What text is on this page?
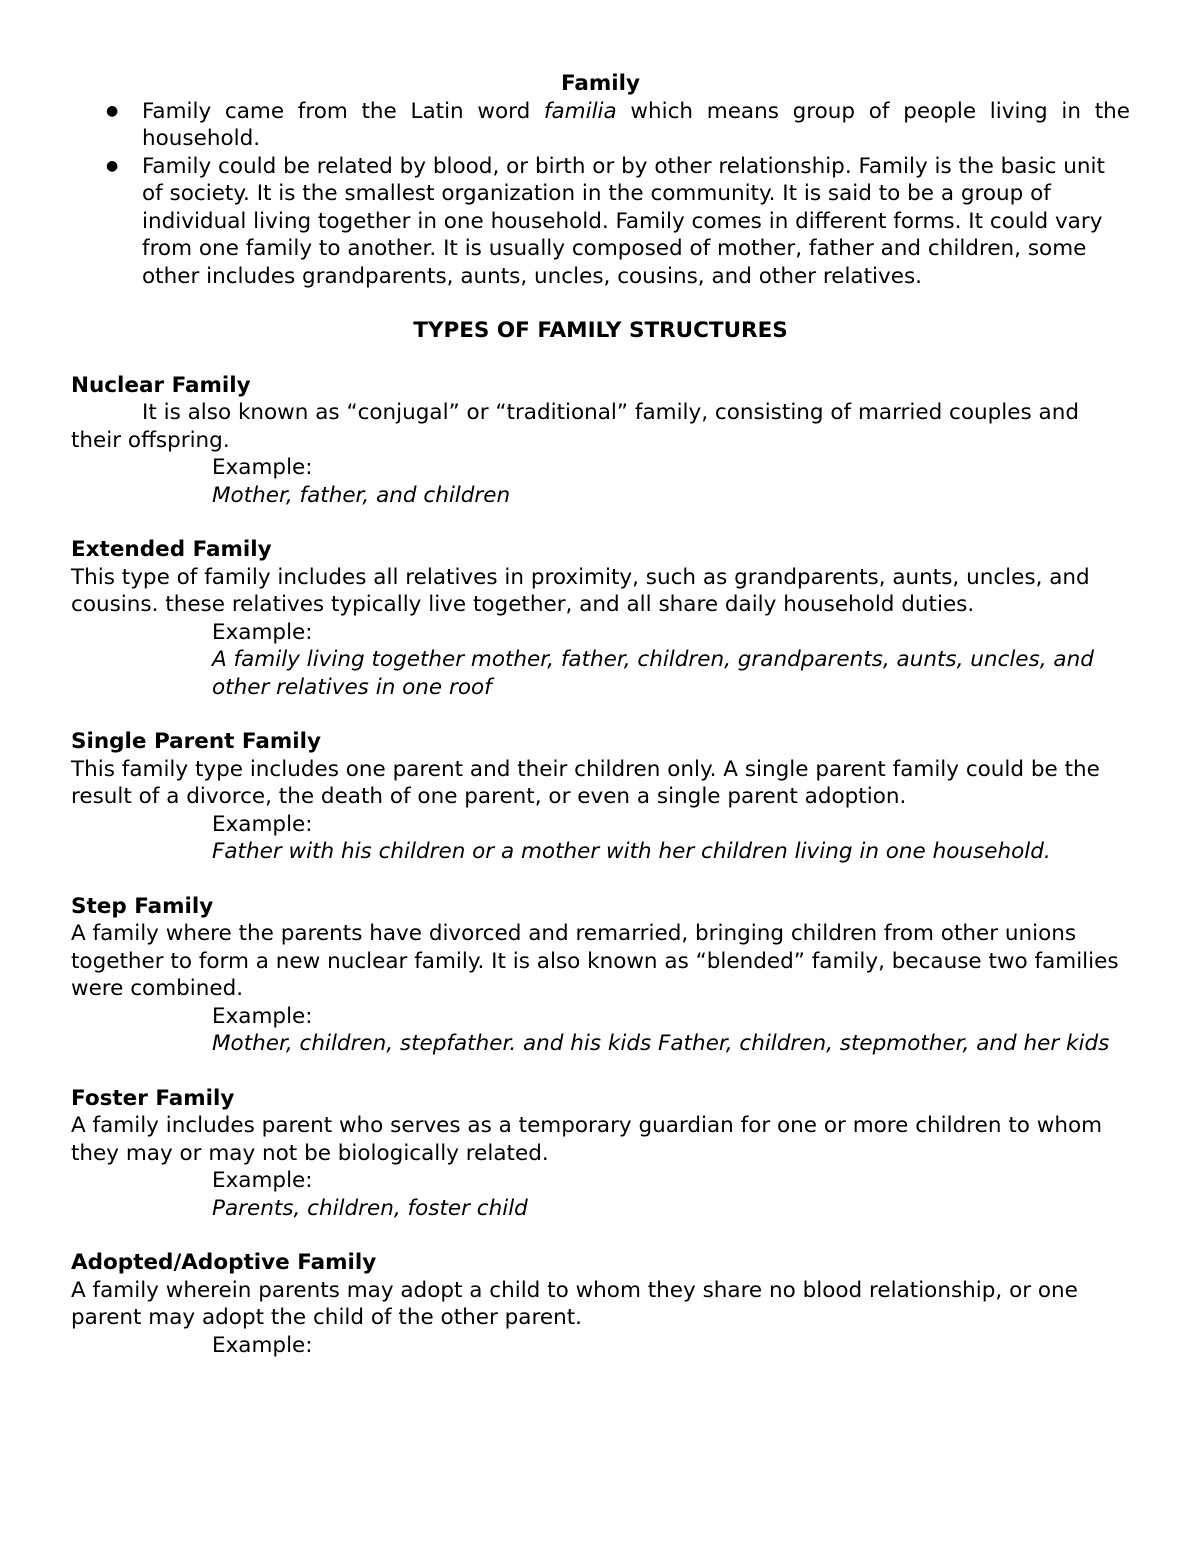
Family

● Family came from the Latin word familia which means group of people living in the household.
● Family could be related by blood, or birth or by other relationship. Family is the basic unit of society. It is the smallest organization in the community. It is said to be a group of individual living together in one household. Family comes in different forms. It could vary from one family to another. It is usually composed of mother, father and children, some other includes grandparents, aunts, uncles, cousins, and other relatives.

TYPES OF FAMILY STRUCTURES

Nuclear Family

It is also known as “conjugal” or “traditional” family, consisting of married couples and their offspring.

Example:

Mother, father, and children

Extended Family

This type of family includes all relatives in proximity, such as grandparents, aunts, uncles, and cousins. these relatives typically live together, and all share daily household duties.

Example:

A family living together mother, father, children, grandparents, aunts, uncles, and other relatives in one roof

Single Parent Family

This family type includes one parent and their children only. A single parent family could be the result of a divorce, the death of one parent, or even a single parent adoption.

Example:

Father with his children or a mother with her children living in one household.

Step Family

A family where the parents have divorced and remarried, bringing children from other unions together to form a new nuclear family. It is also known as “blended” family, because two families were combined.

Example:

Mother, children, stepfather. and his kids Father, children, stepmother, and her kids

Foster Family

A family includes parent who serves as a temporary guardian for one or more children to whom they may or may not be biologically related.

Example:

Parents, children, foster child

Adopted/Adoptive Family

A family wherein parents may adopt a child to whom they share no blood relationship, or one parent may adopt the child of the other parent.

Example:
